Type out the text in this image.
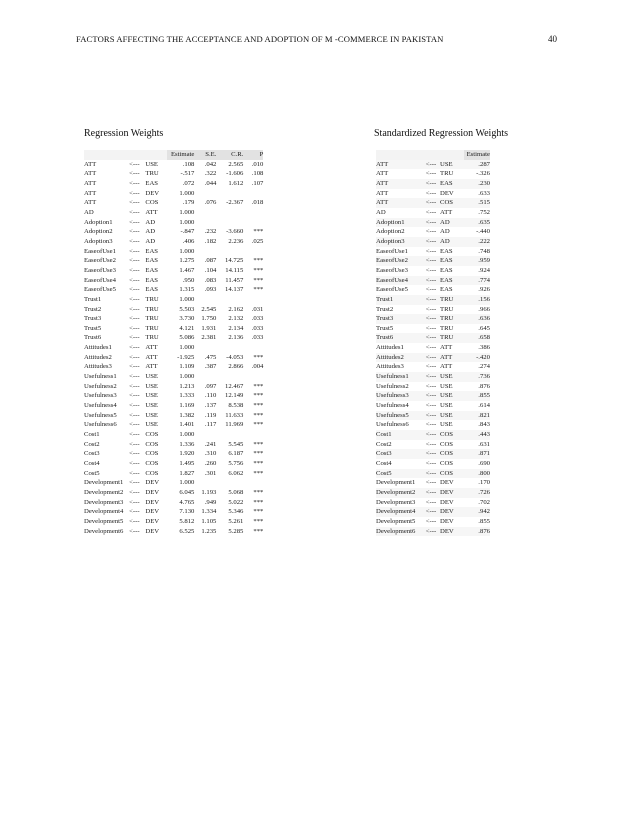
FACTORS AFFECTING THE ACCEPTANCE AND ADOPTION OF M -COMMERCE IN PAKISTAN	40
Regression Weights	Standardized Regression Weights
			Estimate	S.E.	C.R.	P
ATT	<---	USE	.108	.042	2.565	.010
ATT	<---	TRU	-.517	.322	-1.606	.108
ATT	<---	EAS	.072	.044	1.612	.107
ATT	<---	DEV	1.000			
ATT	<---	COS	.179	.076	-2.367	.018
AD	<---	ATT	1.000			
Adoption1	<---	AD	1.000			
Adoption2	<---	AD	-.847	.232	-3.660	***
Adoption3	<---	AD	.406	.182	2.236	.025
EaseofUse1	<---	EAS	1.000			
EaseofUse2	<---	EAS	1.275	.087	14.725	***
EaseofUse3	<---	EAS	1.467	.104	14.115	***
EaseofUse4	<---	EAS	.950	.083	11.457	***
EaseofUse5	<---	EAS	1.315	.093	14.137	***
Trust1	<---	TRU	1.000			
Trust2	<---	TRU	5.503	2.545	2.162	.031
Trust3	<---	TRU	3.730	1.750	2.132	.033
Trust5	<---	TRU	4.121	1.931	2.134	.033
Trust6	<---	TRU	5.086	2.381	2.136	.033
Attitudes1	<---	ATT	1.000			
Attitudes2	<---	ATT	-1.925	.475	-4.053	***
Attitudes3	<---	ATT	1.109	.387	2.866	.004
Usefulness1	<---	USE	1.000			
Usefulness2	<---	USE	1.213	.097	12.467	***
Usefulness3	<---	USE	1.333	.110	12.149	***
Usefulness4	<---	USE	1.169	.137	8.538	***
Usefulness5	<---	USE	1.382	.119	11.633	***
Usefulness6	<---	USE	1.401	.117	11.969	***
Cost1	<---	COS	1.000			
Cost2	<---	COS	1.336	.241	5.545	***
Cost3	<---	COS	1.920	.310	6.187	***
Cost4	<---	COS	1.495	.260	5.756	***
Cost5	<---	COS	1.827	.301	6.062	***
Development1	<---	DEV	1.000			
Development2	<---	DEV	6.045	1.193	5.068	***
Development3	<---	DEV	4.765	.949	5.022	***
Development4	<---	DEV	7.130	1.334	5.346	***
Development5	<---	DEV	5.812	1.105	5.261	***
Development6	<---	DEV	6.525	1.235	5.285	***
			Estimate
ATT	<---	USE	.287
ATT	<---	TRU	-.326
ATT	<---	EAS	.230
ATT	<---	DEV	.633
ATT	<---	COS	.515
AD	<---	ATT	.752
Adoption1	<---	AD	.635
Adoption2	<---	AD	-.440
Adoption3	<---	AD	.222
EaseofUse1	<---	EAS	.748
EaseofUse2	<---	EAS	.959
EaseofUse3	<---	EAS	.924
EaseofUse4	<---	EAS	.774
EaseofUse5	<---	EAS	.926
Trust1	<---	TRU	.156
Trust2	<---	TRU	.966
Trust3	<---	TRU	.636
Trust5	<---	TRU	.645
Trust6	<---	TRU	.658
Attitudes1	<---	ATT	.386
Attitudes2	<---	ATT	-.420
Attitudes3	<---	ATT	.274
Usefulness1	<---	USE	.736
Usefulness2	<---	USE	.876
Usefulness3	<---	USE	.855
Usefulness4	<---	USE	.614
Usefulness5	<---	USE	.821
Usefulness6	<---	USE	.843
Cost1	<---	COS	.443
Cost2	<---	COS	.631
Cost3	<---	COS	.871
Cost4	<---	COS	.690
Cost5	<---	COS	.800
Development1	<---	DEV	.170
Development2	<---	DEV	.726
Development3	<---	DEV	.702
Development4	<---	DEV	.942
Development5	<---	DEV	.855
Development6	<---	DEV	.876
